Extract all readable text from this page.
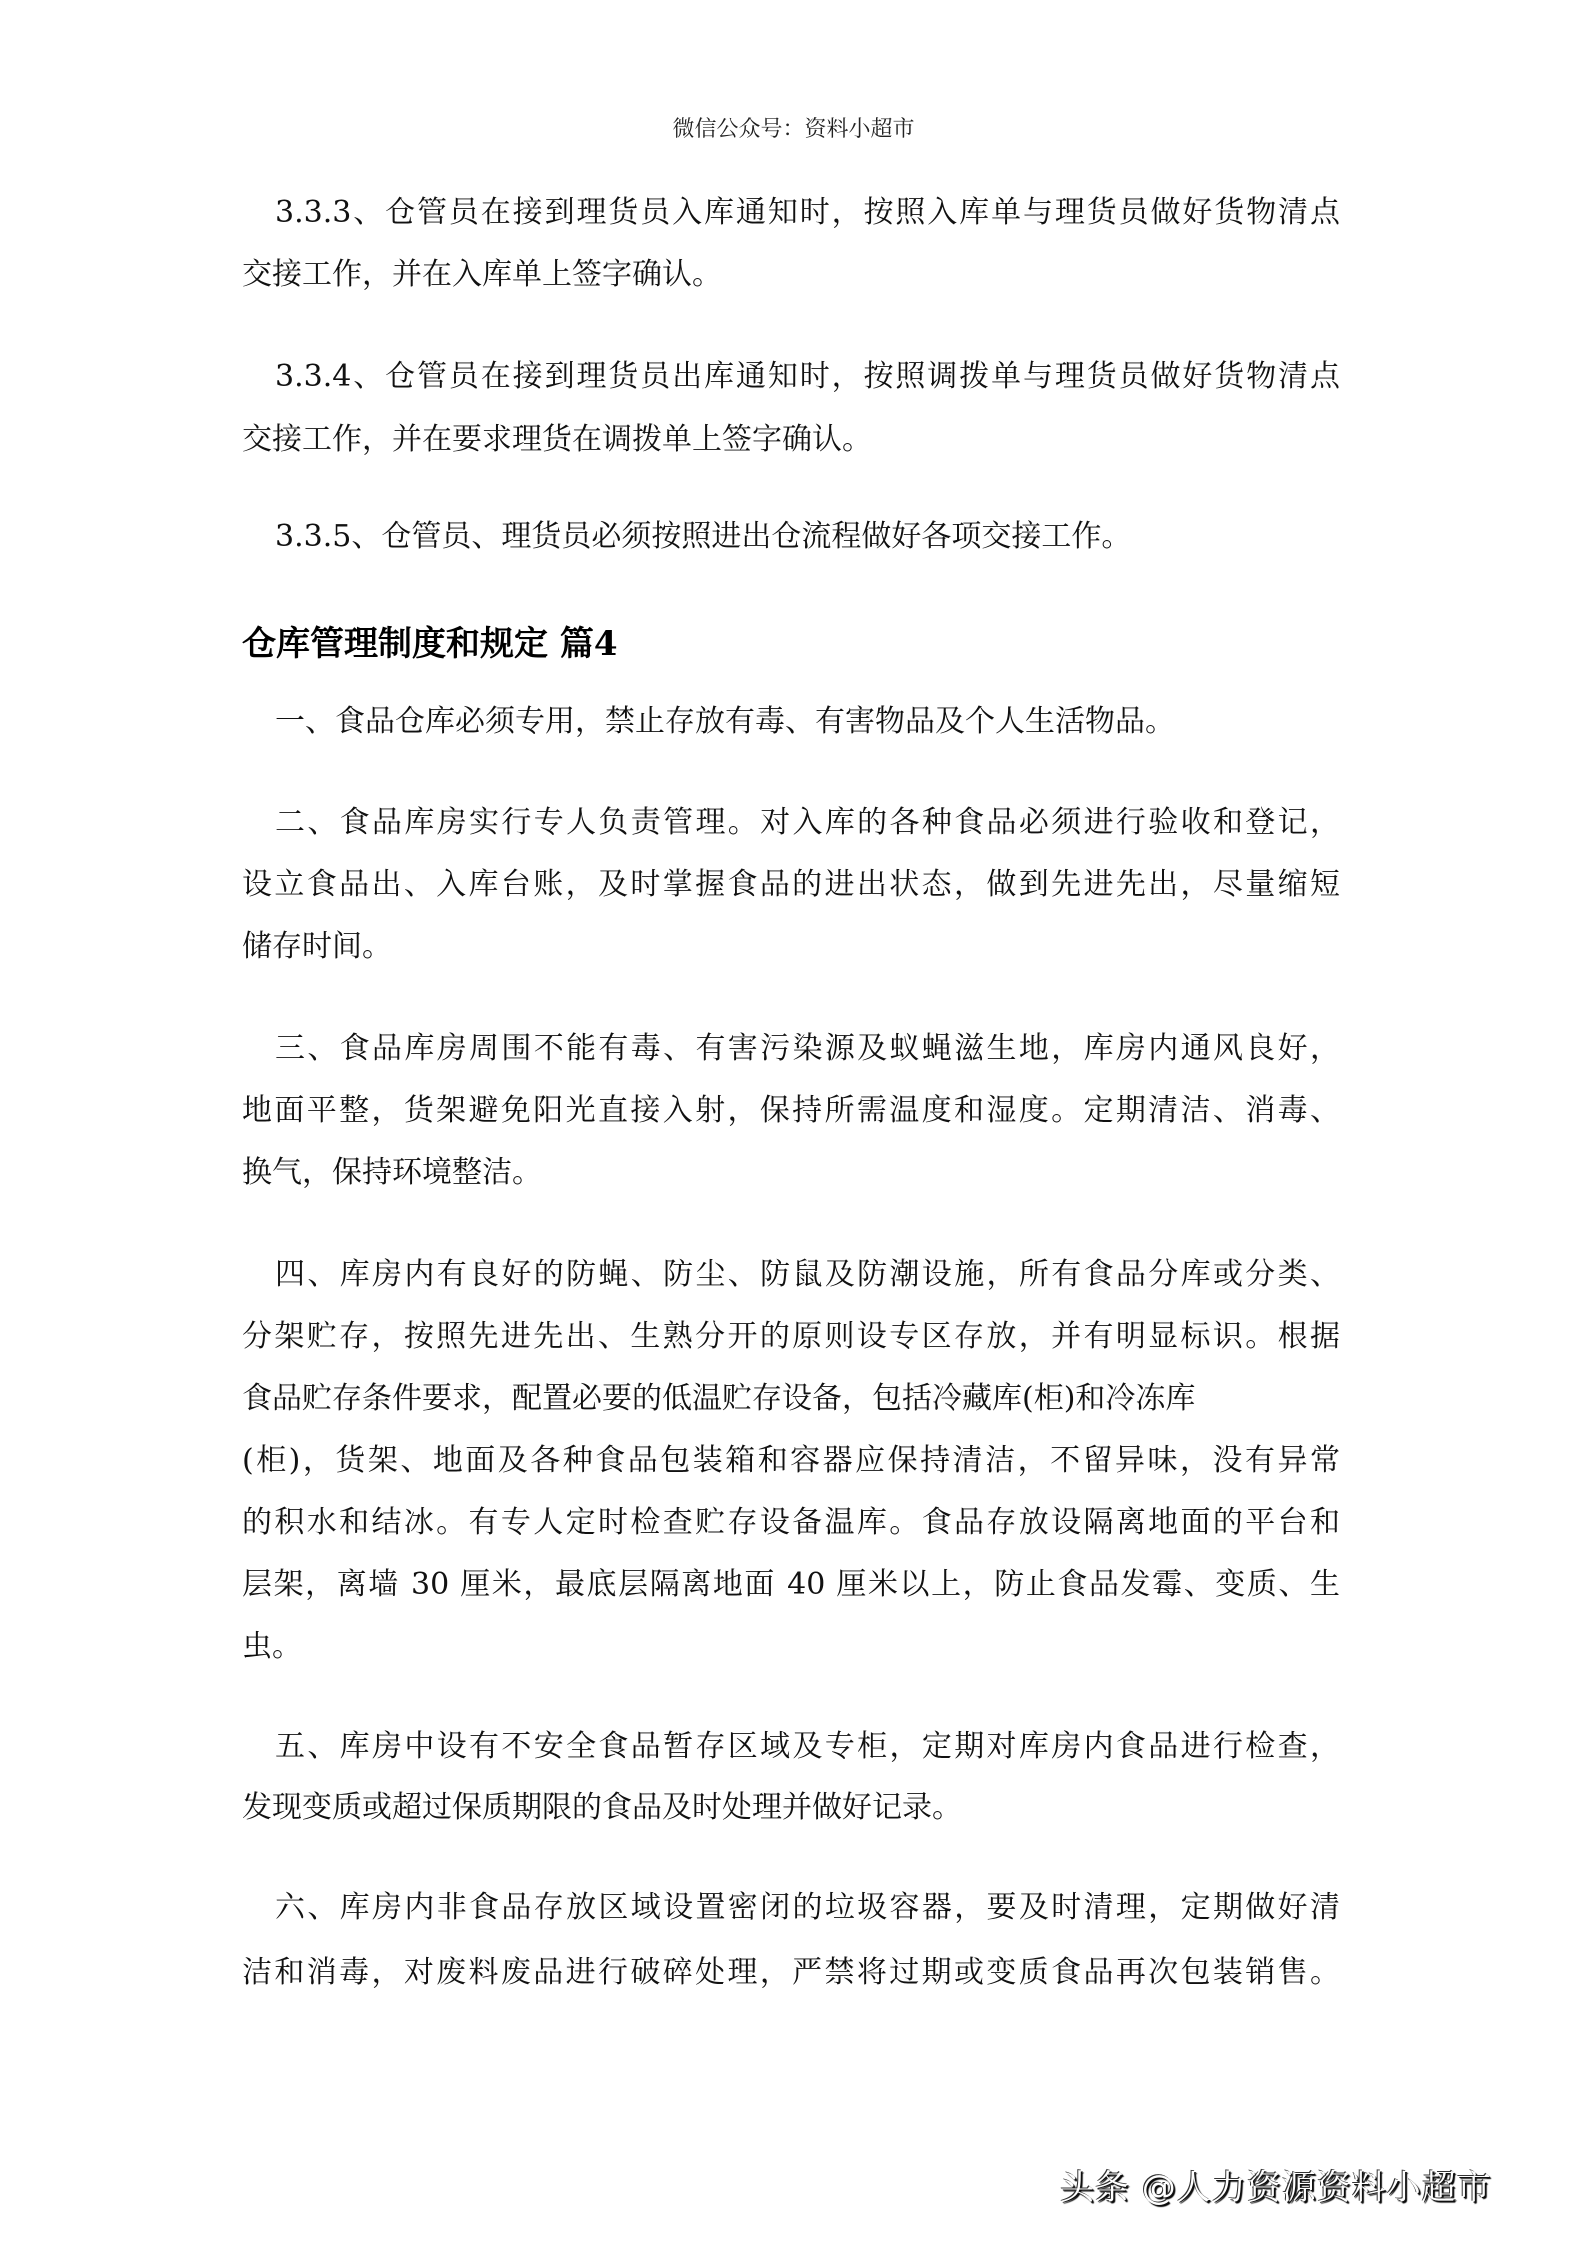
微信公众号：资料小超市
3.3.3、仓管员在接到理货员入库通知时，按照入库单与理货员做好货物清点
交接工作，并在入库单上签字确认。
3.3.4、仓管员在接到理货员出库通知时，按照调拨单与理货员做好货物清点
交接工作，并在要求理货在调拨单上签字确认。
3.3.5、仓管员、理货员必须按照进出仓流程做好各项交接工作。
仓库管理制度和规定 篇4
一、食品仓库必须专用，禁止存放有毒、有害物品及个人生活物品。
二、食品库房实行专人负责管理。对入库的各种食品必须进行验收和登记，
设立食品出、入库台账，及时掌握食品的进出状态，做到先进先出，尽量缩短
储存时间。
三、食品库房周围不能有毒、有害污染源及蚁蝇滋生地，库房内通风良好，
地面平整，货架避免阳光直接入射，保持所需温度和湿度。定期清洁、消毒、
换气，保持环境整洁。
四、库房内有良好的防蝇、防尘、防鼠及防潮设施，所有食品分库或分类、
分架贮存，按照先进先出、生熟分开的原则设专区存放，并有明显标识。根据
食品贮存条件要求，配置必要的低温贮存设备，包括冷藏库(柜)和冷冻库
(柜)，货架、地面及各种食品包装箱和容器应保持清洁，不留异味，没有异常
的积水和结冰。有专人定时检查贮存设备温库。食品存放设隔离地面的平台和
层架，离墙 30 厘米，最底层隔离地面 40 厘米以上，防止食品发霉、变质、生
虫。
五、库房中设有不安全食品暂存区域及专柜，定期对库房内食品进行检查，
发现变质或超过保质期限的食品及时处理并做好记录。
六、库房内非食品存放区域设置密闭的垃圾容器，要及时清理，定期做好清
洁和消毒，对废料废品进行破碎处理，严禁将过期或变质食品再次包装销售。
头条 @人力资源资料小超市
